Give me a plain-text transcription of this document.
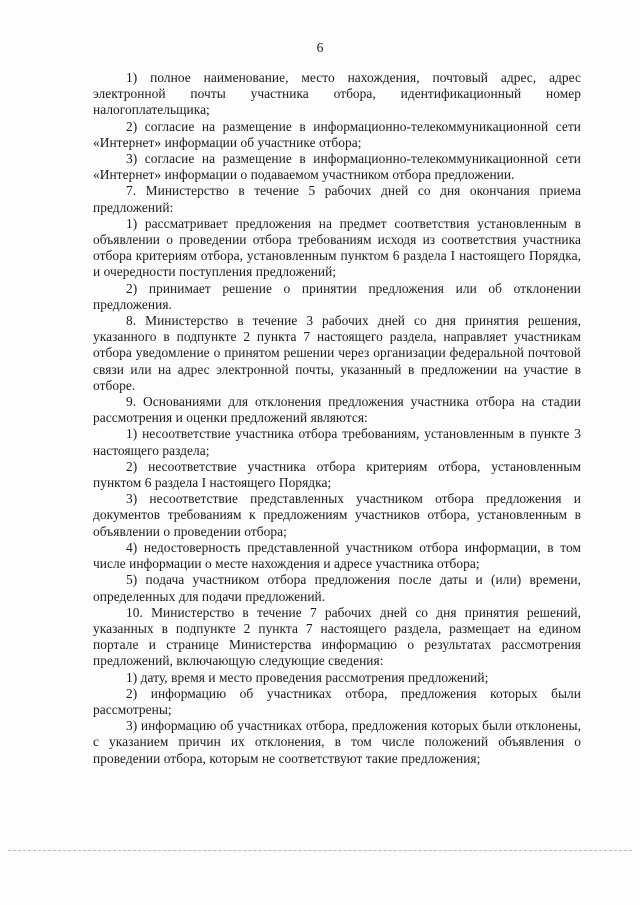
6

1) полное наименование, место нахождения, почтовый адрес, адрес электронной почты участника отбора, идентификационный номер налогоплательщика;

2) согласие на размещение в информационно-телекоммуникационной сети «Интернет» информации об участнике отбора;

3) согласие на размещение в информационно-телекоммуникационной сети «Интернет» информации о подаваемом участником отбора предложении.

7. Министерство в течение 5 рабочих дней со дня окончания приема предложений:

1) рассматривает предложения на предмет соответствия установленным в объявлении о проведении отбора требованиям исходя из соответствия участника отбора критериям отбора, установленным пунктом 6 раздела I настоящего Порядка, и очередности поступления предложений;

2) принимает решение о принятии предложения или об отклонении предложения.

8. Министерство в течение 3 рабочих дней со дня принятия решения, указанного в подпункте 2 пункта 7 настоящего раздела, направляет участникам отбора уведомление о принятом решении через организации федеральной почтовой связи или на адрес электронной почты, указанный в предложении на участие в отборе.

9. Основаниями для отклонения предложения участника отбора на стадии рассмотрения и оценки предложений являются:

1) несоответствие участника отбора требованиям, установленным в пункте 3 настоящего раздела;

2) несоответствие участника отбора критериям отбора, установленным пунктом 6 раздела I настоящего Порядка;

3) несоответствие представленных участником отбора предложения и документов требованиям к предложениям участников отбора, установленным в объявлении о проведении отбора;

4) недостоверность представленной участником отбора информации, в том числе информации о месте нахождения и адресе участника отбора;

5) подача участником отбора предложения после даты и (или) времени, определенных для подачи предложений.

10. Министерство в течение 7 рабочих дней со дня принятия решений, указанных в подпункте 2 пункта 7 настоящего раздела, размещает на едином портале и странице Министерства информацию о результатах рассмотрения предложений, включающую следующие сведения:

1) дату, время и место проведения рассмотрения предложений;

2) информацию об участниках отбора, предложения которых были рассмотрены;

3) информацию об участниках отбора, предложения которых были отклонены, с указанием причин их отклонения, в том числе положений объявления о проведении отбора, которым не соответствуют такие предложения;
